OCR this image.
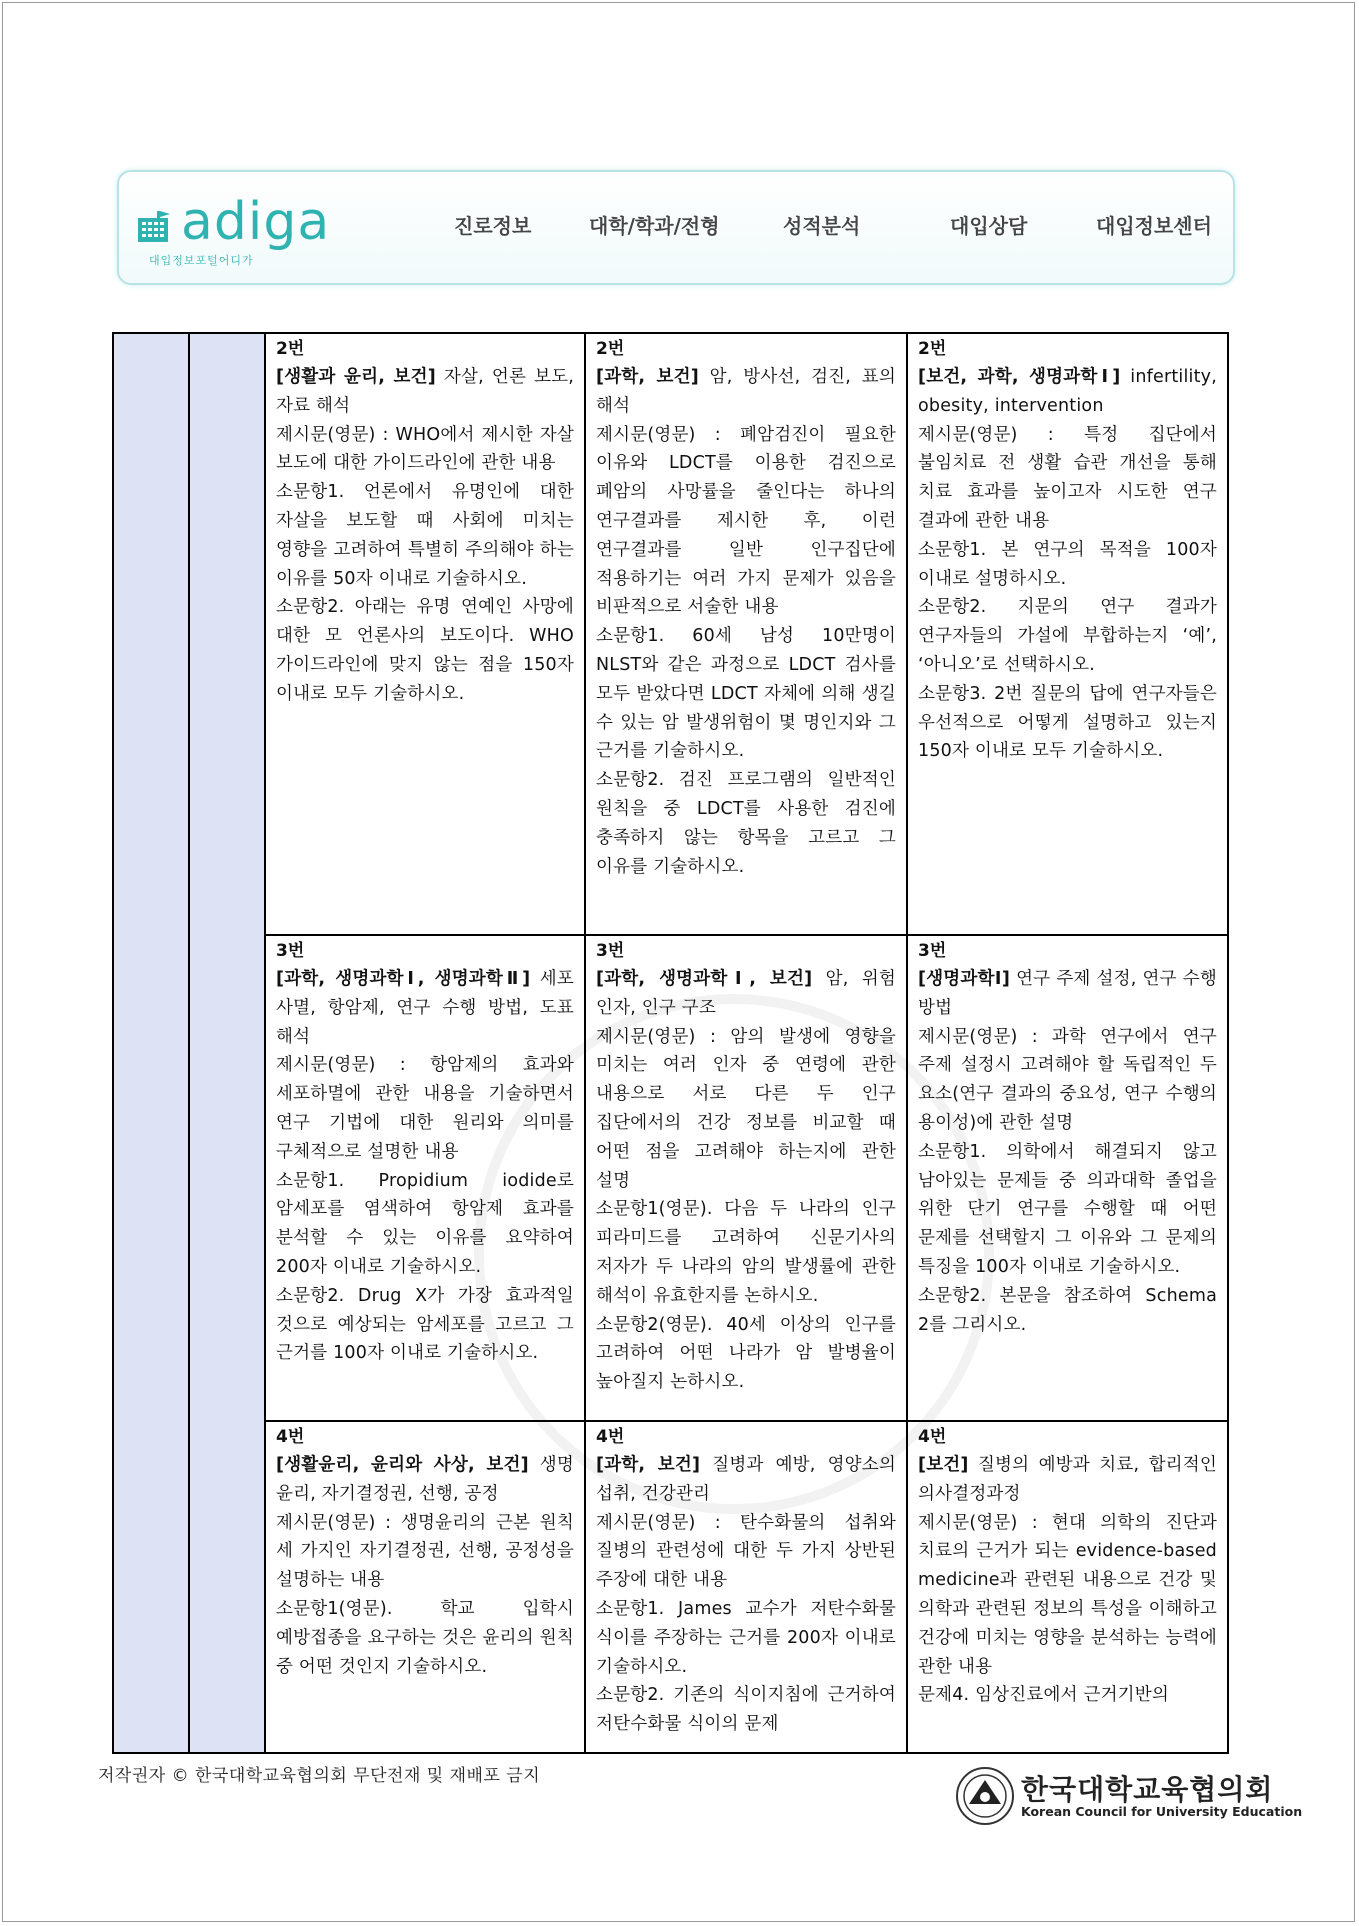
adiga
대입정보포털어디가
진로정보	대학/학과/전형	성적분석	대입상담	대입정보센터
2번

[생활과 윤리, 보건] 자살, 언론 보도, 자료 해석

제시문(영문) : WHO에서 제시한 자살 보도에 대한 가이드라인에 관한 내용

소문항1. 언론에서 유명인에 대한 자살을 보도할 때 사회에 미치는 영향을 고려하여 특별히 주의해야 하는 이유를 50자 이내로 기술하시오.

소문항2. 아래는 유명 연예인 사망에 대한 모 언론사의 보도이다. WHO 가이드라인에 맞지 않는 점을 150자 이내로 모두 기술하시오.

2번

[과학, 보건] 암, 방사선, 검진, 표의 해석

제시문(영문) : 폐암검진이 필요한 이유와 LDCT를 이용한 검진으로 폐암의 사망률을 줄인다는 하나의 연구결과를 제시한 후, 이런 연구결과를 일반 인구집단에 적용하기는 여러 가지 문제가 있음을 비판적으로 서술한 내용

소문항1. 60세 남성 10만명이 NLST와 같은 과정으로 LDCT 검사를 모두 받았다면 LDCT 자체에 의해 생길 수 있는 암 발생위험이 몇 명인지와 그 근거를 기술하시오.

소문항2. 검진 프로그램의 일반적인 원칙을 중 LDCT를 사용한 검진에 충족하지 않는 항목을 고르고 그 이유를 기술하시오.

2번

[보건, 과학, 생명과학Ⅰ] infertility, obesity, intervention

제시문(영문) : 특정 집단에서 불임치료 전 생활 습관 개선을 통해 치료 효과를 높이고자 시도한 연구 결과에 관한 내용

소문항1. 본 연구의 목적을 100자 이내로 설명하시오.

소문항2. 지문의 연구 결과가 연구자들의 가설에 부합하는지 ‘예’, ‘아니오’로 선택하시오.

소문항3. 2번 질문의 답에 연구자들은 우선적으로 어떻게 설명하고 있는지 150자 이내로 모두 기술하시오.

3번

[과학, 생명과학Ⅰ, 생명과학Ⅱ] 세포 사멸, 항암제, 연구 수행 방법, 도표 해석

제시문(영문) : 항암제의 효과와 세포하멸에 관한 내용을 기술하면서 연구 기법에 대한 원리와 의미를 구체적으로 설명한 내용

소문항1. Propidium iodide로 암세포를 염색하여 항암제 효과를 분석할 수 있는 이유를 요약하여 200자 이내로 기술하시오.

소문항2. Drug X가 가장 효과적일 것으로 예상되는 암세포를 고르고 그 근거를 100자 이내로 기술하시오.

3번

[과학, 생명과학Ⅰ, 보건] 암, 위험 인자, 인구 구조

제시문(영문) : 암의 발생에 영향을 미치는 여러 인자 중 연령에 관한 내용으로 서로 다른 두 인구 집단에서의 건강 정보를 비교할 때 어떤 점을 고려해야 하는지에 관한 설명

소문항1(영문). 다음 두 나라의 인구 피라미드를 고려하여 신문기사의 저자가 두 나라의 암의 발생률에 관한 해석이 유효한지를 논하시오.

소문항2(영문). 40세 이상의 인구를 고려하여 어떤 나라가 암 발병율이 높아질지 논하시오.

3번

[생명과학Ⅰ] 연구 주제 설정, 연구 수행 방법

제시문(영문) : 과학 연구에서 연구 주제 설정시 고려해야 할 독립적인 두 요소(연구 결과의 중요성, 연구 수행의 용이성)에 관한 설명

소문항1. 의학에서 해결되지 않고 남아있는 문제들 중 의과대학 졸업을 위한 단기 연구를 수행할 때 어떤 문제를 선택할지 그 이유와 그 문제의 특징을 100자 이내로 기술하시오.

소문항2. 본문을 참조하여 Schema 2를 그리시오.

4번

[생활윤리, 윤리와 사상, 보건] 생명 윤리, 자기결정권, 선행, 공정

제시문(영문) : 생명윤리의 근본 원칙 세 가지인 자기결정권, 선행, 공정성을 설명하는 내용

소문항1(영문). 학교 입학시 예방접종을 요구하는 것은 윤리의 원칙 중 어떤 것인지 기술하시오.

4번

[과학, 보건] 질병과 예방, 영양소의 섭취, 건강관리

제시문(영문) : 탄수화물의 섭취와 질병의 관련성에 대한 두 가지 상반된 주장에 대한 내용

소문항1. James 교수가 저탄수화물 식이를 주장하는 근거를 200자 이내로 기술하시오.

소문항2. 기존의 식이지침에 근거하여 저탄수화물 식이의 문제

4번

[보건] 질병의 예방과 치료, 합리적인 의사결정과정

제시문(영문) : 현대 의학의 진단과 치료의 근거가 되는 evidence-based medicine과 관련된 내용으로 건강 및 의학과 관련된 정보의 특성을 이해하고 건강에 미치는 영향을 분석하는 능력에 관한 내용

문제4. 임상진료에서 근거기반의

저작권자 © 한국대학교육협의회 무단전재 및 재배포 금지	한국대학교육협의회
Korean Council for University Education
